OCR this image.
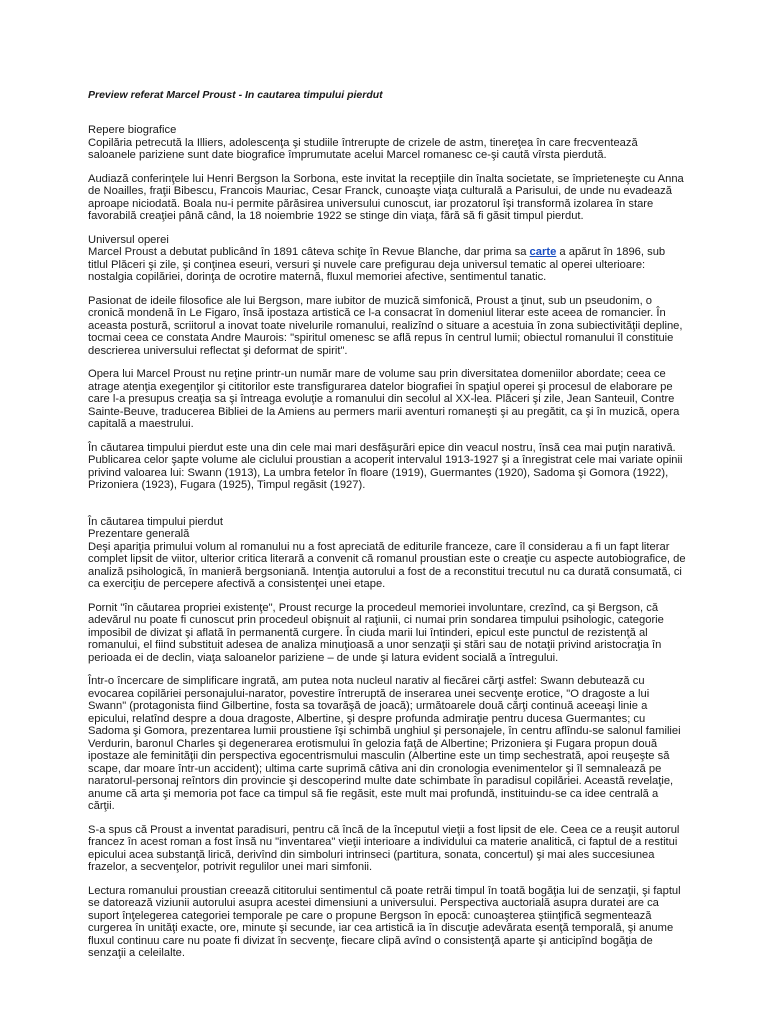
Preview referat Marcel Proust - In cautarea timpului pierdut

Repere biografice

Copilăria petrecută la Illiers, adolescenţa şi studiile întrerupte de crizele de astm, tinereţea în care frecventează saloanele pariziene sunt date biografice împrumutate acelui Marcel romanesc ce-şi caută vîrsta pierdută.

Audiază conferinţele lui Henri Bergson la Sorbona, este invitat la recepţiile din înalta societate, se împrieteneşte cu Anna de Noailles, fraţii Bibescu, Francois Mauriac, Cesar Franck, cunoaşte viaţa culturală a Parisului, de unde nu evadează aproape niciodată. Boala nu-i permite părăsirea universului cunoscut, iar prozatorul îşi transformă izolarea în stare favorabilă creaţiei până când, la 18 noiembrie 1922 se stinge din viaţa, fără să fi găsit timpul pierdut.

Universul operei

Marcel Proust a debutat publicând în 1891 câteva schiţe în Revue Blanche, dar prima sa carte a apărut în 1896, sub titlul Plăceri şi zile, şi conţinea eseuri, versuri şi nuvele care prefigurau deja universul tematic al operei ulterioare: nostalgia copilăriei, dorinţa de ocrotire maternă, fluxul memoriei afective, sentimentul tanatic.

Pasionat de ideile filosofice ale lui Bergson, mare iubitor de muzică simfonică, Proust a ţinut, sub un pseudonim, o cronică mondenă în Le Figaro, însă ipostaza artistică ce l-a consacrat în domeniul literar este aceea de romancier. În aceasta postură, scriitorul a inovat toate nivelurile romanului, realizînd o situare a acestuia în zona subiectivităţii depline, tocmai ceea ce constata Andre Maurois: "spiritul omenesc se află repus în centrul lumii; obiectul romanului îl constituie descrierea universului reflectat şi deformat de spirit".

Opera lui Marcel Proust nu reţine printr-un număr mare de volume sau prin diversitatea domeniilor abordate; ceea ce atrage atenţia exegenţilor şi cititorilor este transfigurarea datelor biografiei în spaţiul operei şi procesul de elaborare pe care l-a presupus creaţia sa şi întreaga evoluţie a romanului din secolul al XX-lea. Plăceri şi zile, Jean Santeuil, Contre Sainte-Beuve, traducerea Bibliei de la Amiens au permers marii aventuri romaneşti şi au pregătit, ca şi în muzică, opera capitală a maestrului.

În căutarea timpului pierdut este una din cele mai mari desfăşurări epice din veacul nostru, însă cea mai puţin narativă. Publicarea celor şapte volume ale ciclului proustian a acoperit intervalul 1913-1927 şi a înregistrat cele mai variate opinii privind valoarea lui: Swann (1913), La umbra fetelor în floare (1919), Guermantes (1920), Sadoma şi Gomora (1922), Prizoniera (1923), Fugara (1925), Timpul regăsit (1927).

În căutarea timpului pierdut

Prezentare generală

Deşi apariţia primului volum al romanului nu a fost apreciată de editurile franceze, care îl considerau a fi un fapt literar complet lipsit de viitor, ulterior critica literară a convenit că romanul proustian este o creaţie cu aspecte autobiografice, de analiză psihologică, în manieră bergsoniană. Intenţia autorului a fost de a reconstitui trecutul nu ca durată consumată, ci ca exerciţiu de percepere afectivă a consistenţei unei etape.

Pornit "în căutarea propriei existenţe", Proust recurge la procedeul memoriei involuntare, crezînd, ca şi Bergson, că adevărul nu poate fi cunoscut prin procedeul obişnuit al raţiunii, ci numai prin sondarea timpului psihologic, categorie imposibil de divizat şi aflată în permanentă curgere. În ciuda marii lui întinderi, epicul este punctul de rezistenţă al romanului, el fiind substituit adesea de analiza minuţioasă a unor senzaţii şi stări sau de notaţii privind aristocraţia în perioada ei de declin, viaţa saloanelor pariziene – de unde şi latura evident socială a întregului.

Într-o încercare de simplificare ingrată, am putea nota nucleul narativ al fiecărei cărţi astfel: Swann debutează cu evocarea copilăriei personajului-narator, povestire întreruptă de inserarea unei secvenţe erotice, "O dragoste a lui Swann" (protagonista fiind Gilbertine, fosta sa tovarăşă de joacă); următoarele două cărţi continuă aceeaşi linie a epicului, relatînd despre a doua dragoste, Albertine, şi despre profunda admiraţie pentru ducesa Guermantes; cu Sadoma şi Gomora, prezentarea lumii proustiene îşi schimbă unghiul şi personajele, în centru aflîndu-se salonul familiei Verdurin, baronul Charles şi degenerarea erotismului în gelozia faţă de Albertine; Prizoniera şi Fugara propun două ipostaze ale feminităţii din perspectiva egocentrismului masculin (Albertine este un timp sechestrată, apoi reuşeşte să scape, dar moare într-un accident); ultima carte suprimă câtiva ani din cronologia evenimentelor şi îl semnalează pe naratorul-personaj reîntors din provincie şi descoperind multe date schimbate în paradisul copilăriei. Această revelaţie, anume că arta şi memoria pot face ca timpul să fie regăsit, este mult mai profundă, instituindu-se ca idee centrală a cărţii.

S-a spus că Proust a inventat paradisuri, pentru că încă de la începutul vieţii a fost lipsit de ele. Ceea ce a reuşit autorul francez în acest roman a fost însă nu "inventarea" vieţii interioare a individului ca materie analitică, ci faptul de a restitui epicului acea substanţă lirică, derivînd din simboluri intrinseci (partitura, sonata, concertul) şi mai ales succesiunea frazelor, a secvenţelor, potrivit regulilor unei mari simfonii.

Lectura romanului proustian creează cititorului sentimentul că poate retrăi timpul în toată bogăţia lui de senzaţii, şi faptul se datorează viziunii autorului asupra acestei dimensiuni a universului. Perspectiva auctorială asupra duratei are ca suport înţelegerea categoriei temporale pe care o propune Bergson în epocă: cunoaşterea ştiinţifică segmentează curgerea în unităţi exacte, ore, minute şi secunde, iar cea artistică ia în discuţie adevărata esenţă temporală, şi anume fluxul continuu care nu poate fi divizat în secvenţe, fiecare clipă avînd o consistenţă aparte şi anticipînd bogăţia de senzaţii a celeilalte.
